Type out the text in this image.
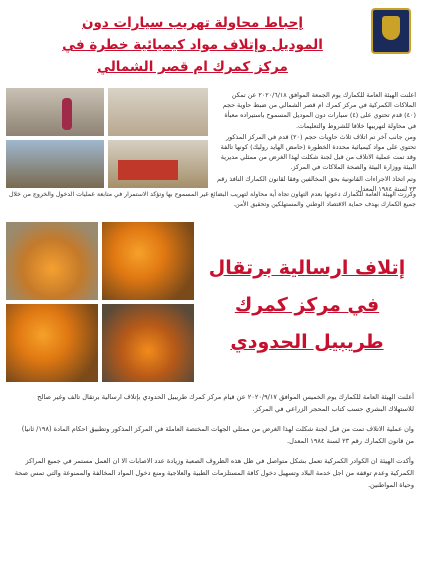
إحباط محاولة تهريب سيارات دون
الموديل وإتلاف مواد كيميائية خطرة في
مركز كمرك ام قصر الشمالي

اعلنت الهيئة العامة للكمارك يوم الجمعة الموافق ٢٠٢٠/٦/١٨ عن تمكن الملاكات الكمركية في مركز كمرك ام قصر الشمالي من ضبط حاوية حجم (٤٠) قدم تحتوي على (٤) سيارات دون الموديل المسموح باستيراده معبأة في محاولة لتهريبها خلافا للشروط والتعليمات.

ومن جانب آخر تم اتلاف ثلاث حاويات حجم (٢٠) قدم في المركز المذكور تحتوي على مواد كيميائية محددة الخطورة (حامض الهايد روليك) كونها تالفة وقد تمت عملية الاتلاف من قبل لجنة شكلت لهذا الغرض من ممثلي مديرية البيئة ووزارة البيئة والصحة الملاكات في المركز.

وتم اتخاذ الاجراءات القانونية بحق المخالفين وفقا لقانون الكمارك النافذ رقم ٢٣ لسنة ١٩٨٤ المعدل.

وكررت الهيئة العامة للكمارك دعوتها بعدم التهاون تجاه أية محاولة لتهريب البضائع غير المسموح بها وتؤكد الاستمرار في متابعة عمليات الدخول والخروج من خلال جميع الكمارك بهدف حماية الاقتصاد الوطني والمستهلكين وتحقيق الأمن.
إتلاف ارسالية برتقال
في مركز كمرك
طريبيل الحدودي

أعلنت الهيئة العامة للكمارك يوم الخميس الموافق ٢٠٢٠/٩/١٧ عن قيام مركز كمرك طريبيل الحدودي بإتلاف ارسالية برتقال تالف وغير صالح للاستهلاك البشري حسب كتاب المحجر الزراعي في المركز.

وان عملية الاتلاف تمت من قبل لجنة شكلت لهذا الغرض من ممثلي الجهات المختصة العاملة في المركز المذكور وتطبيق احكام المادة (١٩٨/ ثانيا) من قانون الكمارك رقم ٢٣ لسنة ١٩٨٤ المعدل.

وأكدت الهيئة ان الكوادر الكمركية تعمل بشكل متواصل في ظل هذه الظروف الصعبة وزيادة عدد الاصابات الا ان العمل مستمر في جميع المراكز الكمركية وعدم توقفه من اجل خدمة البلاد وتسهيل دخول كافة المستلزمات الطبية والعلاجية ومنع دخول المواد المخالفة والممنوعة والتي تمس صحة وحياة المواطنين.
